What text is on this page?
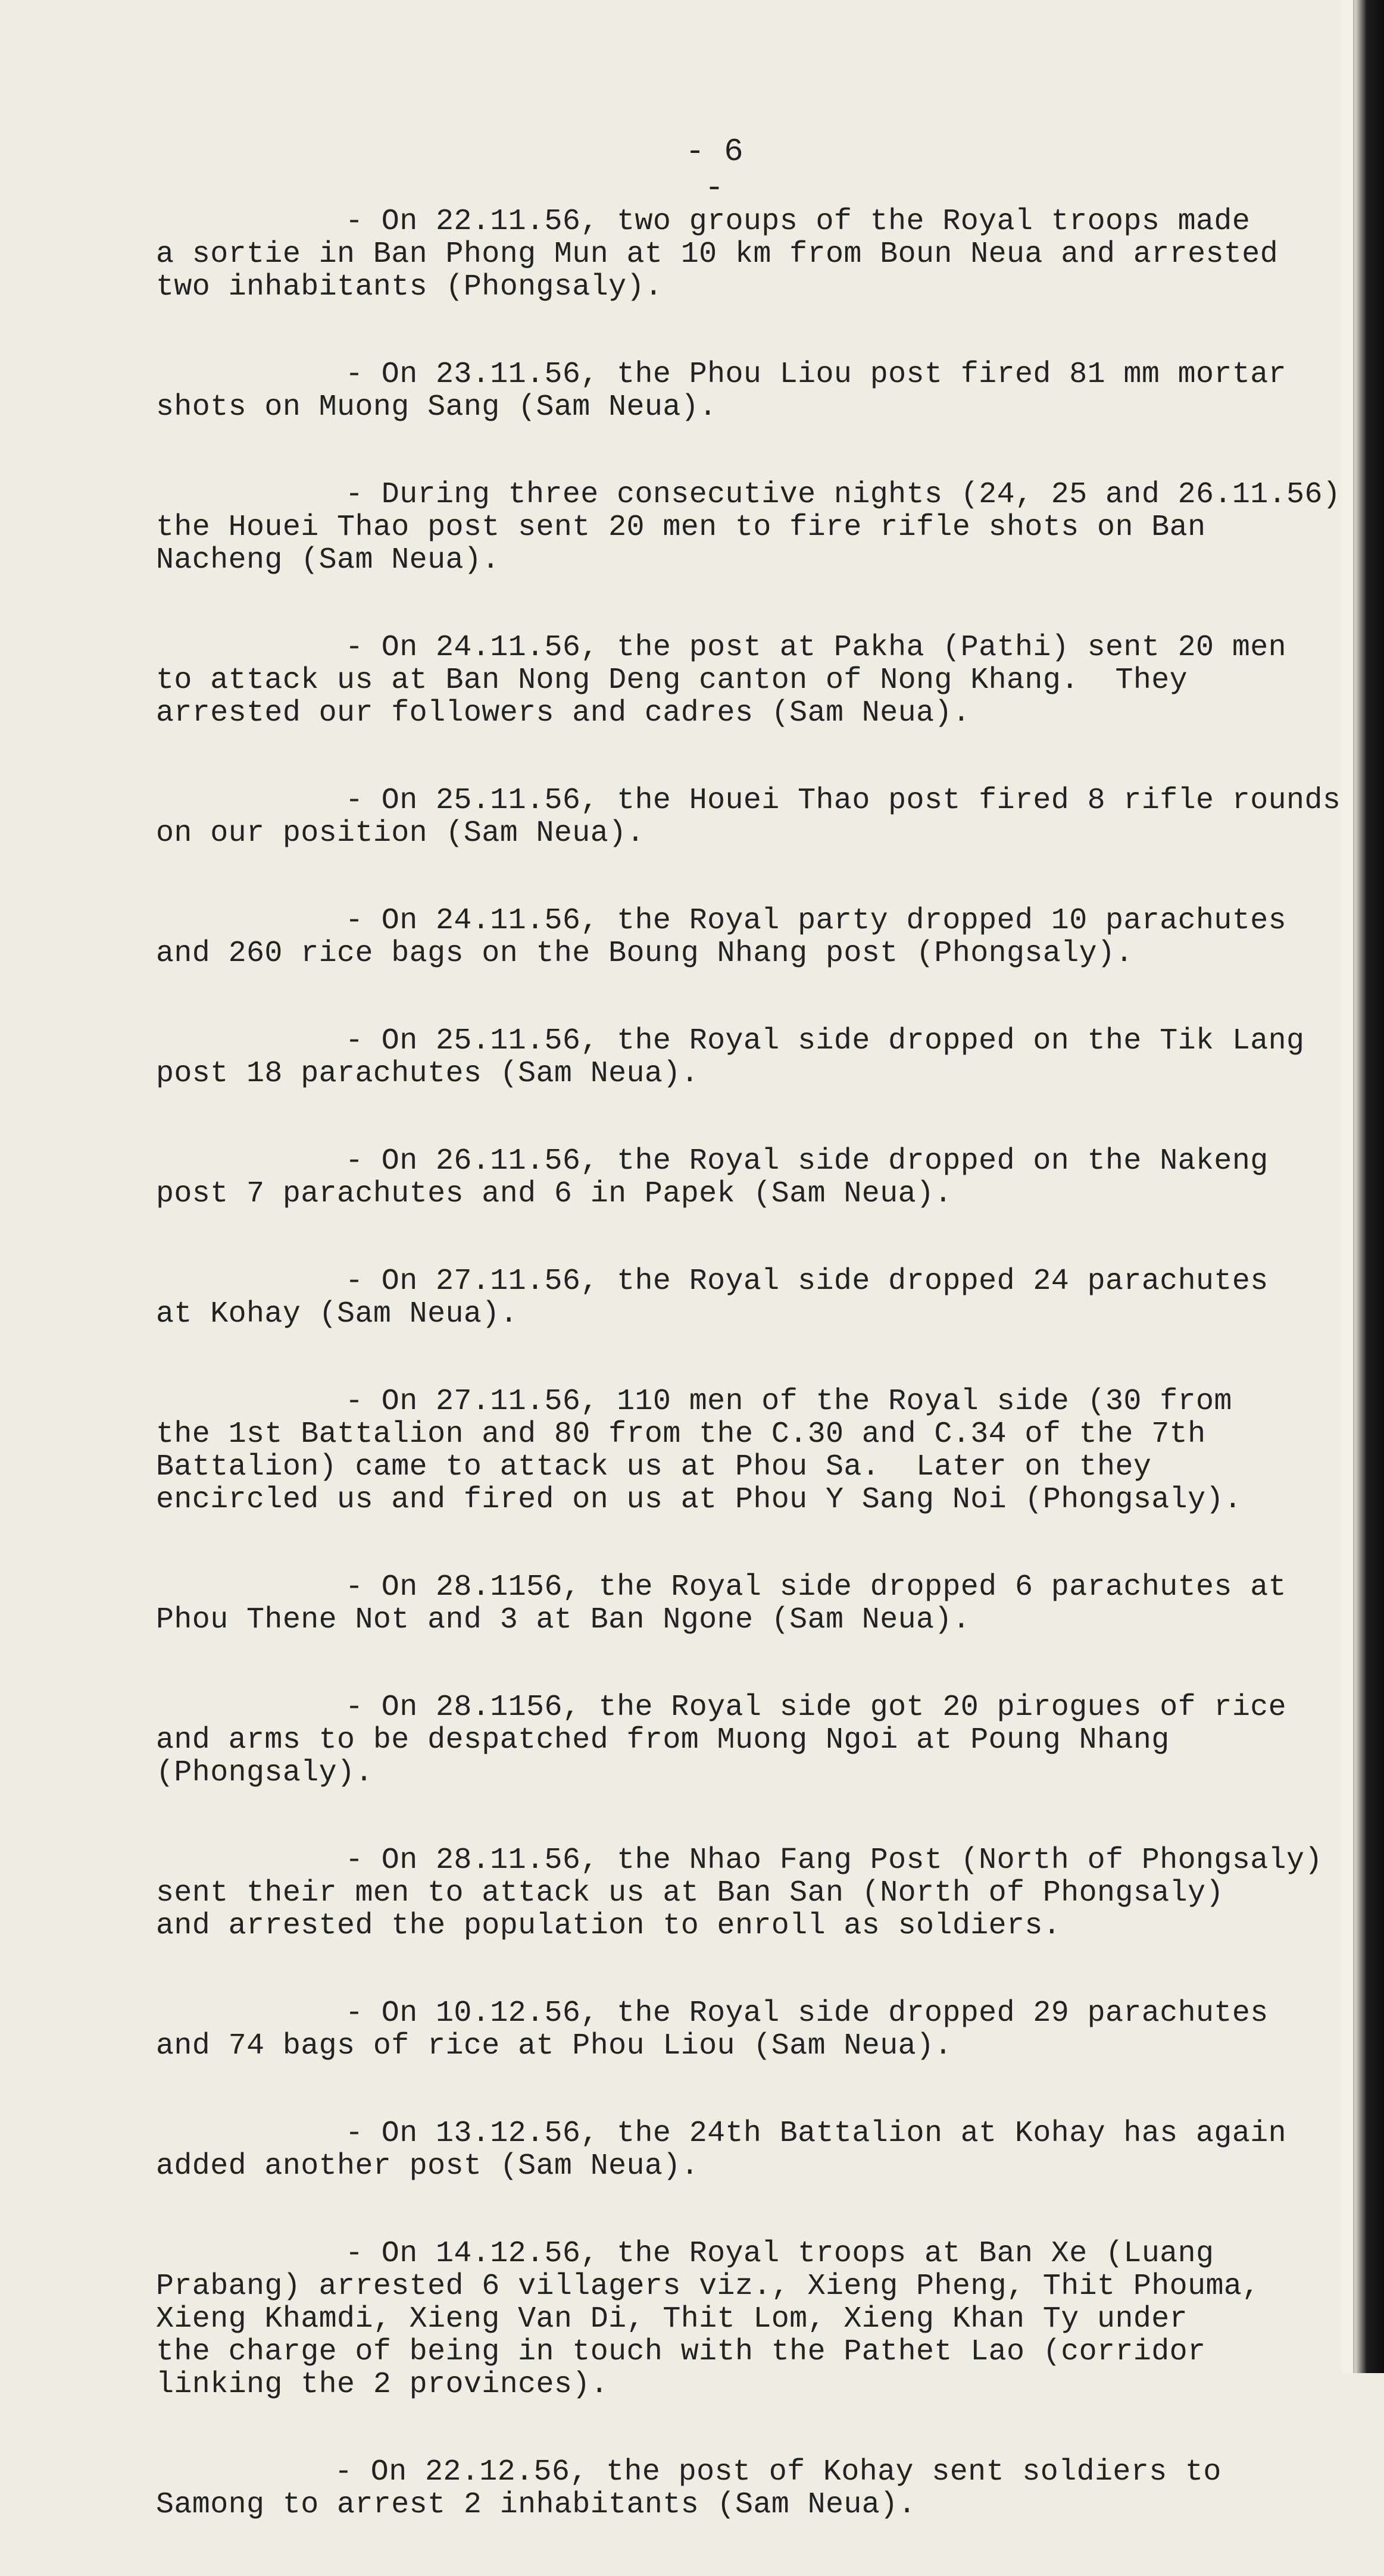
- 6 -

- On 22.11.56, two groups of the Royal troops made
a sortie in Ban Phong Mun at 10 km from Boun Neua and arrested
two inhabitants (Phongsaly).
- On 23.11.56, the Phou Liou post fired 81 mm mortar
shots on Muong Sang (Sam Neua).
- During three consecutive nights (24, 25 and 26.11.56)
the Houei Thao post sent 20 men to fire rifle shots on Ban
Nacheng (Sam Neua).
- On 24.11.56, the post at Pakha (Pathi) sent 20 men
to attack us at Ban Nong Deng canton of Nong Khang.  They
arrested our followers and cadres (Sam Neua).
- On 25.11.56, the Houei Thao post fired 8 rifle rounds
on our position (Sam Neua).
- On 24.11.56, the Royal party dropped 10 parachutes
and 260 rice bags on the Boung Nhang post (Phongsaly).
- On 25.11.56, the Royal side dropped on the Tik Lang
post 18 parachutes (Sam Neua).
- On 26.11.56, the Royal side dropped on the Nakeng
post 7 parachutes and 6 in Papek (Sam Neua).
- On 27.11.56, the Royal side dropped 24 parachutes
at Kohay (Sam Neua).
- On 27.11.56, 110 men of the Royal side (30 from
the 1st Battalion and 80 from the C.30 and C.34 of the 7th
Battalion) came to attack us at Phou Sa.  Later on they
encircled us and fired on us at Phou Y Sang Noi (Phongsaly).
- On 28.1156, the Royal side dropped 6 parachutes at
Phou Thene Not and 3 at Ban Ngone (Sam Neua).
- On 28.1156, the Royal side got 20 pirogues of rice
and arms to be despatched from Muong Ngoi at Poung Nhang
(Phongsaly).
- On 28.11.56, the Nhao Fang Post (North of Phongsaly)
sent their men to attack us at Ban San (North of Phongsaly)
and arrested the population to enroll as soldiers.
- On 10.12.56, the Royal side dropped 29 parachutes
and 74 bags of rice at Phou Liou (Sam Neua).
- On 13.12.56, the 24th Battalion at Kohay has again
added another post (Sam Neua).
- On 14.12.56, the Royal troops at Ban Xe (Luang
Prabang) arrested 6 villagers viz., Xieng Pheng, Thit Phouma,
Xieng Khamdi, Xieng Van Di, Thit Lom, Xieng Khan Ty under
the charge of being in touch with the Pathet Lao (corridor
linking the 2 provinces).
- On 22.12.56, the post of Kohay sent soldiers to
Samong to arrest 2 inhabitants (Sam Neua).
